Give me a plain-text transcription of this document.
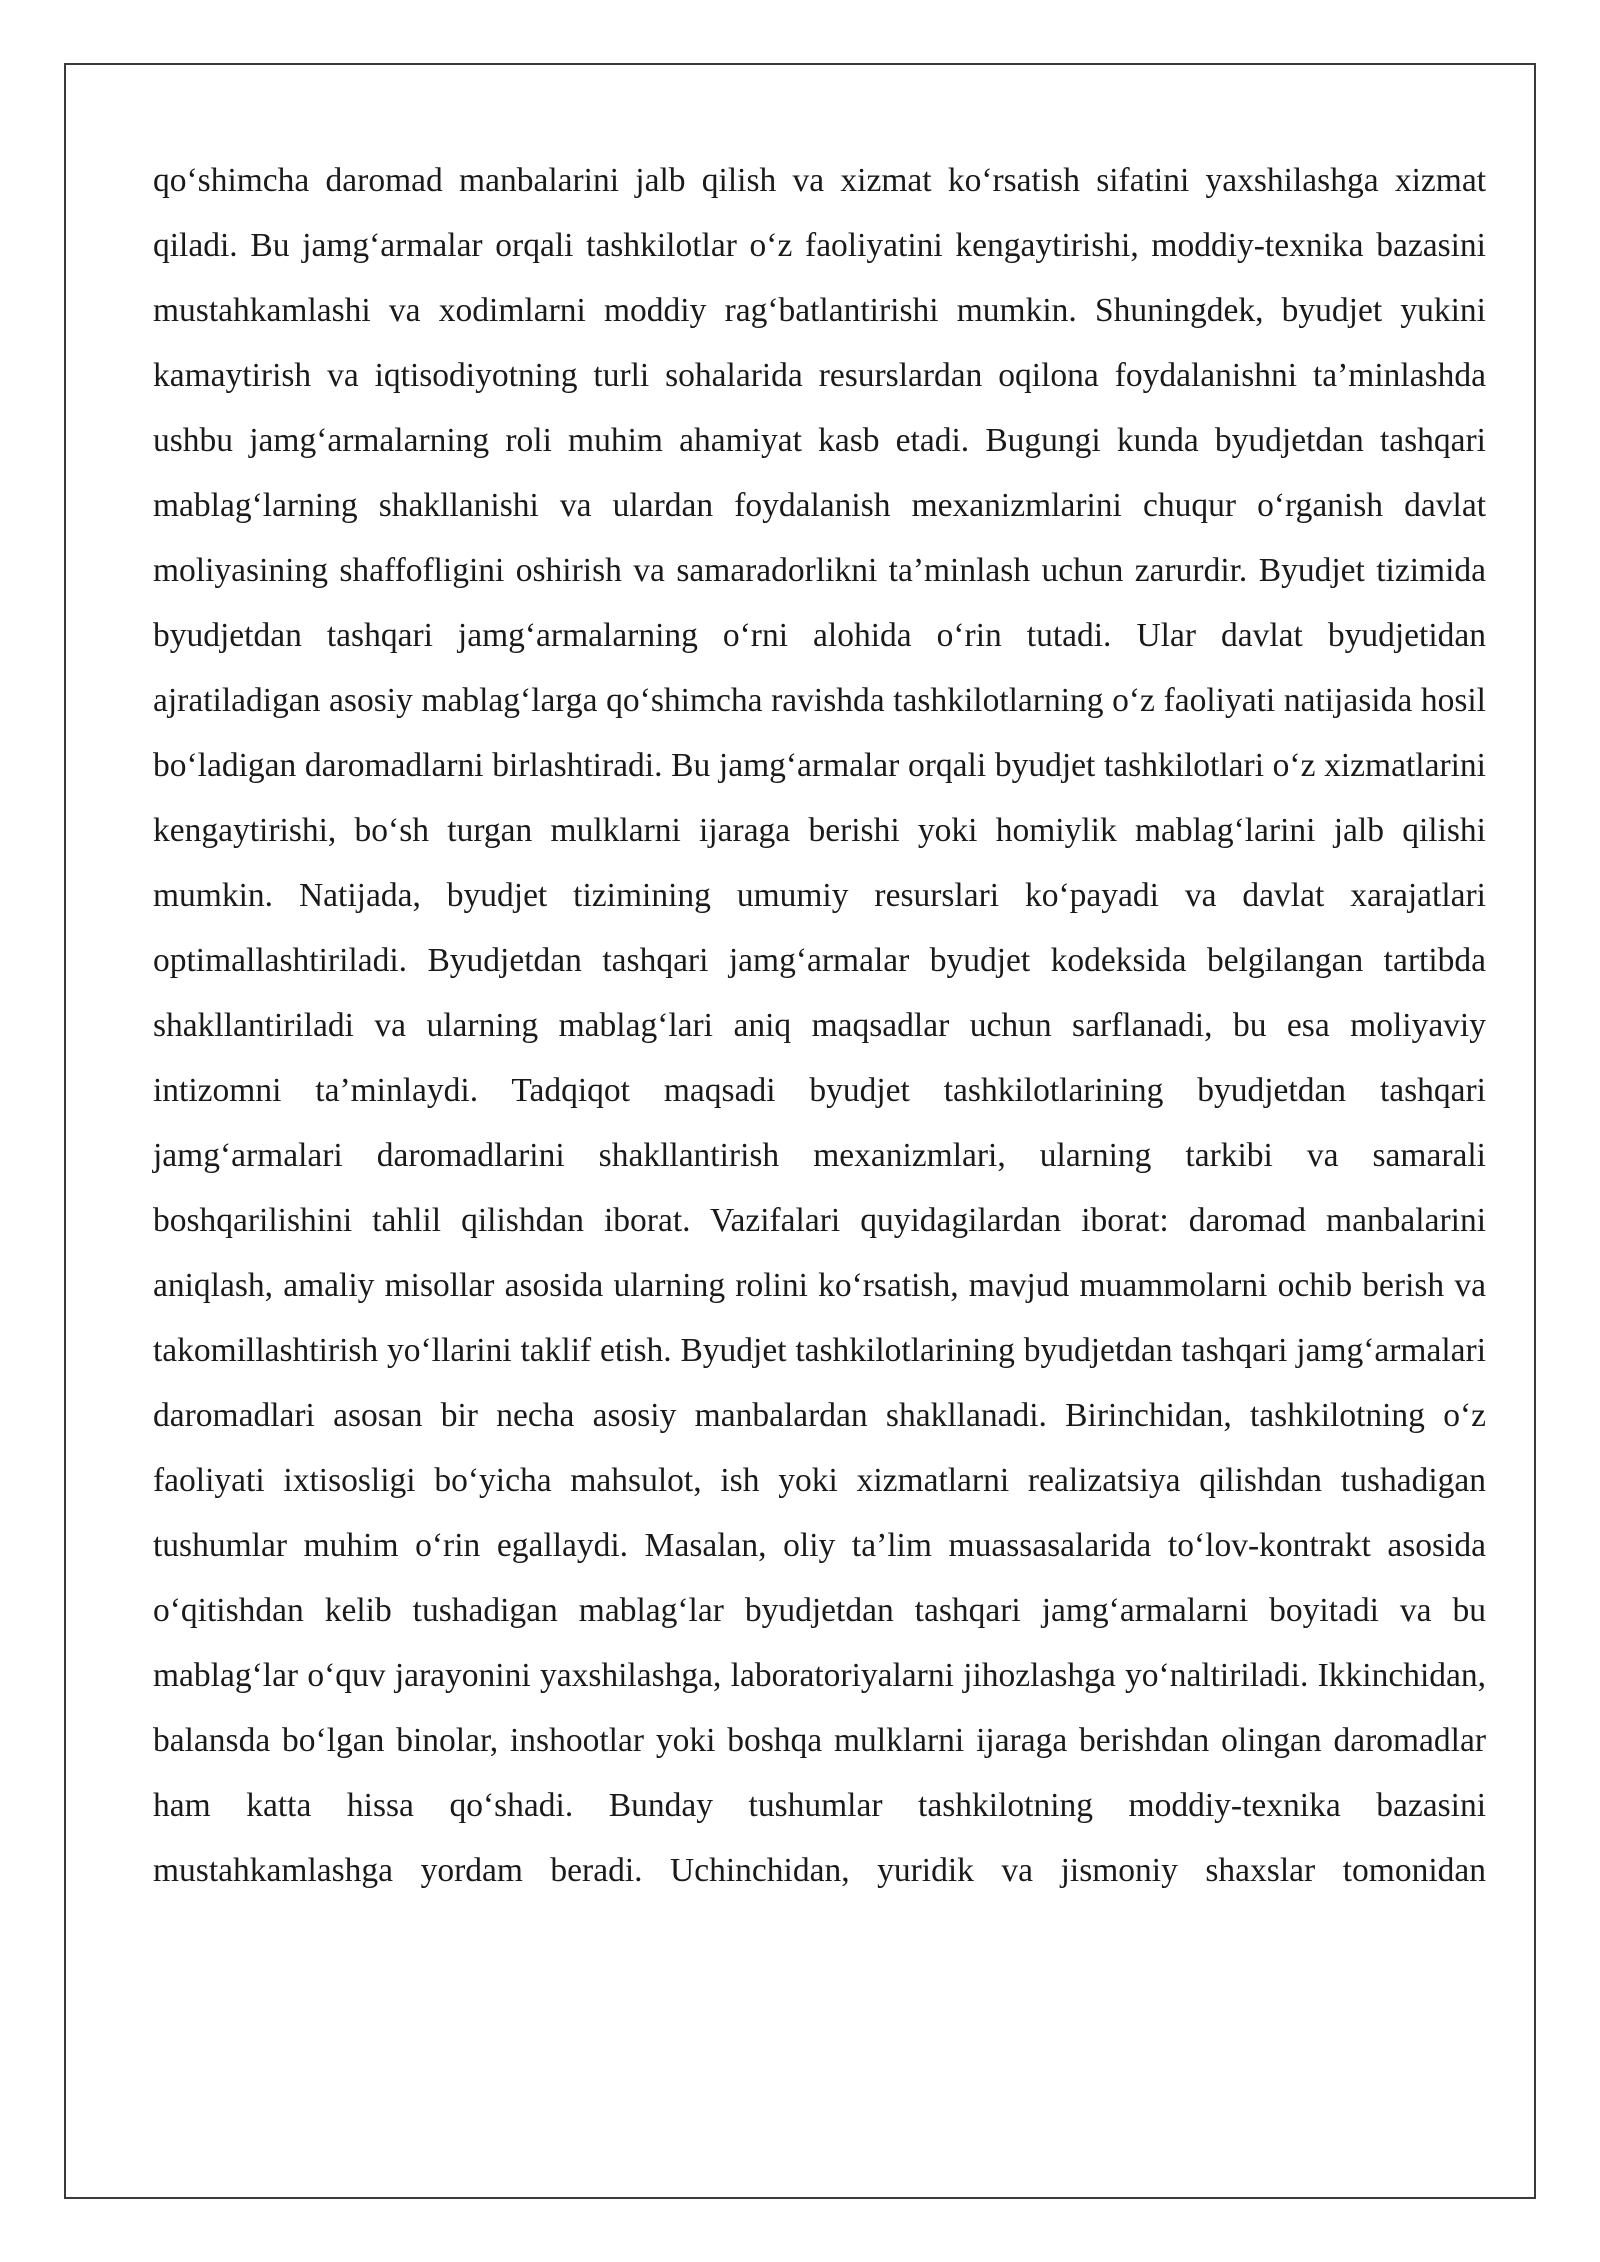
qo‘shimcha daromad manbalarini jalb qilish va xizmat ko‘rsatish sifatini yaxshilashga xizmat qiladi. Bu jamg‘armalar orqali tashkilotlar o‘z faoliyatini kengaytirishi, moddiy-texnika bazasini mustahkamlashi va xodimlarni moddiy rag‘batlantirishi mumkin. Shuningdek, byudjet yukini kamaytirish va iqtisodiyotning turli sohalarida resurslardan oqilona foydalanishni ta’minlashda ushbu jamg‘armalarning roli muhim ahamiyat kasb etadi. Bugungi kunda byudjetdan tashqari mablag‘larning shakllanishi va ulardan foydalanish mexanizmlarini chuqur o‘rganish davlat moliyasining shaffofligini oshirish va samaradorlikni ta’minlash uchun zarurdir. Byudjet tizimida byudjetdan tashqari jamg‘armalarning o‘rni alohida o‘rin tutadi. Ular davlat byudjetidan ajratiladigan asosiy mablag‘larga qo‘shimcha ravishda tashkilotlarning o‘z faoliyati natijasida hosil bo‘ladigan daromadlarni birlashtiradi. Bu jamg‘armalar orqali byudjet tashkilotlari o‘z xizmatlarini kengaytirishi, bo‘sh turgan mulklarni ijaraga berishi yoki homiylik mablag‘larini jalb qilishi mumkin. Natijada, byudjet tizimining umumiy resurslari ko‘payadi va davlat xarajatlari optimallashtiriladi. Byudjetdan tashqari jamg‘armalar byudjet kodeksida belgilangan tartibda shakllantiriladi va ularning mablag‘lari aniq maqsadlar uchun sarflanadi, bu esa moliyaviy intizomni ta’minlaydi. Tadqiqot maqsadi byudjet tashkilotlarining byudjetdan tashqari jamg‘armalari daromadlarini shakllantirish mexanizmlari, ularning tarkibi va samarali boshqarilishini tahlil qilishdan iborat. Vazifalari quyidagilardan iborat: daromad manbalarini aniqlash, amaliy misollar asosida ularning rolini ko‘rsatish, mavjud muammolarni ochib berish va takomillashtirish yo‘llarini taklif etish. Byudjet tashkilotlarining byudjetdan tashqari jamg‘armalari daromadlari asosan bir necha asosiy manbalardan shakllanadi. Birinchidan, tashkilotning o‘z faoliyati ixtisosligi bo‘yicha mahsulot, ish yoki xizmatlarni realizatsiya qilishdan tushadigan tushumlar muhim o‘rin egallaydi. Masalan, oliy ta’lim muassasalarida to‘lov-kontrakt asosida o‘qitishdan kelib tushadigan mablag‘lar byudjetdan tashqari jamg‘armalarni boyitadi va bu mablag‘lar o‘quv jarayonini yaxshilashga, laboratoriyalarni jihozlashga yo‘naltiriladi. Ikkinchidan, balansda bo‘lgan binolar, inshootlar yoki boshqa mulklarni ijaraga berishdan olingan daromadlar ham katta hissa qo‘shadi. Bunday tushumlar tashkilotning moddiy-texnika bazasini mustahkamlashga yordam beradi. Uchinchidan, yuridik va jismoniy shaxslar tomonidan
